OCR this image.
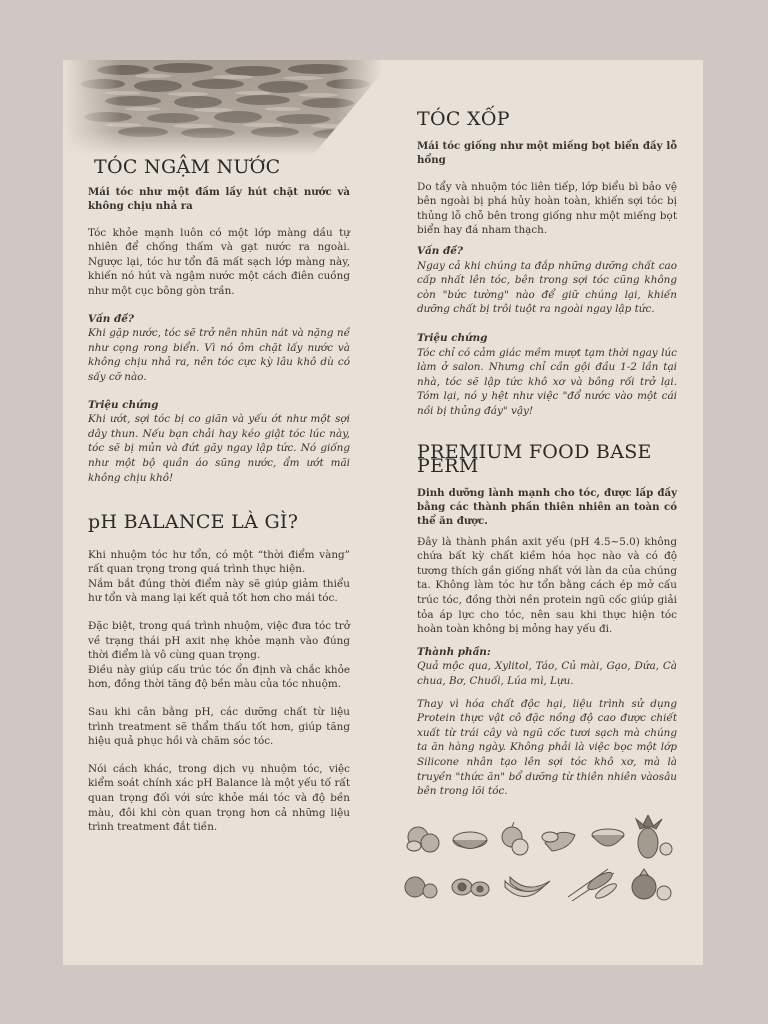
TÓC NGẬM NƯỚC

Mái tóc như một đầm lầy hút chặt nước và không chịu nhả ra

Tóc khỏe mạnh luôn có một lớp màng dầu tự nhiên để chống thấm và gạt nước ra ngoài. Ngược lại, tóc hư tổn đã mất sạch lớp màng này, khiến nó hút và ngậm nước một cách điên cuồng như một cục bông gòn trần.

Vấn đề?

Khi gặp nước, tóc sẽ trở nên nhũn nát và nặng nề như cọng rong biển. Vì nó ôm chặt lấy nước và không chịu nhả ra, nên tóc cực kỳ lâu khô dù có sấy cỡ nào.

Triệu chứng

Khi ướt, sợi tóc bị co giãn và yếu ớt như một sợi dây thun. Nếu bạn chải hay kéo giật tóc lúc này, tóc sẽ bị mủn và đứt gãy ngay lập tức. Nó giống như một bộ quần áo sũng nước, ẩm ướt mãi không chịu khô!

pH BALANCE LÀ GÌ?

Khi nhuộm tóc hư tổn, có một “thời điểm vàng” rất quan trọng trong quá trình thực hiện.

Nắm bắt đúng thời điểm này sẽ giúp giảm thiểu hư tổn và mang lại kết quả tốt hơn cho mái tóc.

Đặc biệt, trong quá trình nhuộm, việc đưa tóc trở về trạng thái pH axit nhẹ khỏe mạnh vào đúng thời điểm là vô cùng quan trọng.

Điều này giúp cấu trúc tóc ổn định và chắc khỏe hơn, đồng thời tăng độ bền màu của tóc nhuộm.

Sau khi cân bằng pH, các dưỡng chất từ liệu trình treatment sẽ thẩm thấu tốt hơn, giúp tăng hiệu quả phục hồi và chăm sóc tóc.

Nói cách khác, trong dịch vụ nhuộm tóc, việc kiểm soát chính xác pH Balance là một yếu tố rất quan trọng đối với sức khỏe mái tóc và độ bền màu, đôi khi còn quan trọng hơn cả những liệu trình treatment đắt tiền.

TÓC XỐP

Mái tóc giống như một miếng bọt biển đầy lỗ hổng

Do tẩy và nhuộm tóc liên tiếp, lớp biểu bì bảo vệ bên ngoài bị phá hủy hoàn toàn, khiến sợi tóc bị thủng lỗ chỗ bên trong giống như một miếng bọt biển hay đá nham thạch.

Vấn đề?

Ngay cả khi chúng ta đắp những dưỡng chất cao cấp nhất lên tóc, bên trong sợi tóc cũng không còn "bức tường" nào để giữ chúng lại, khiến dưỡng chất bị trôi tuột ra ngoài ngay lập tức.

Triệu chứng

Tóc chỉ có cảm giác mềm mượt tạm thời ngay lúc làm ở salon. Nhưng chỉ cần gội đầu 1-2 lần tại nhà, tóc sẽ lập tức khô xơ và bông rối trở lại. Tóm lại, nó y hệt như việc "đổ nước vào một cái nồi bị thủng đáy" vậy!

PREMIUM FOOD BASE PERM

Dinh dưỡng lành mạnh cho tóc, được lấp đầy bằng các thành phần thiên nhiên an toàn có thể ăn được.

Đây là thành phần axit yếu (pH 4.5~5.0) không chứa bất kỳ chất kiềm hóa học nào và có độ tương thích gần giống nhất với làn da của chúng ta. Không làm tóc hư tổn bằng cách ép mở cấu trúc tóc, đồng thời nền protein ngũ cốc giúp giải tỏa áp lực cho tóc, nên sau khi thực hiện tóc hoàn toàn không bị mỏng hay yếu đi.

Thành phần:

Quả mộc qua, Xylitol, Táo, Củ mài, Gạo, Dứa, Cà chua, Bơ, Chuối, Lúa mì, Lựu.

Thay vì hóa chất độc hại, liệu trình sử dụng Protein thực vật cô đặc nồng độ cao được chiết xuất từ trái cây và ngũ cốc tươi sạch mà chúng ta ăn hàng ngày. Không phải là việc bọc một lớp Silicone nhân tạo lên sợi tóc khô xơ, mà là truyền "thức ăn" bổ dưỡng từ thiên nhiên vàosâu bên trong lõi tóc.
